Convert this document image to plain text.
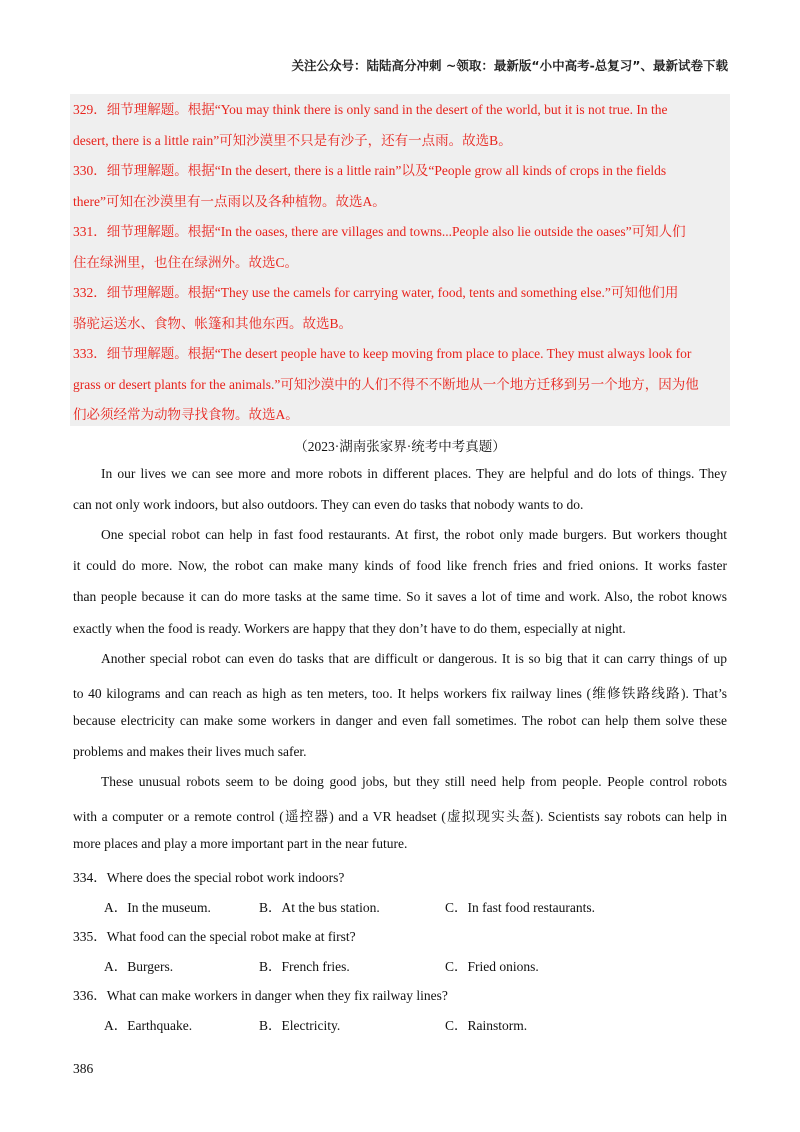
关注公众号：陆陆高分冲刺 ~领取：最新版“小中高考-总复习”、最新试卷下载
329．细节理解题。根据“You may think there is only sand in the desert of the world, but it is not true. In the
desert, there is a little rain”可知沙漠里不只是有沙子，还有一点雨。故选B。
330．细节理解题。根据“In the desert, there is a little rain”以及“People grow all kinds of crops in the fields
there”可知在沙漠里有一点雨以及各种植物。故选A。
331．细节理解题。根据“In the oases, there are villages and towns...People also lie outside the oases”可知人们
住在绿洲里，也住在绿洲外。故选C。
332．细节理解题。根据“They use the camels for carrying water, food, tents and something else.”可知他们用
骆驼运送水、食物、帐篷和其他东西。故选B。
333．细节理解题。根据“The desert people have to keep moving from place to place. They must always look for
grass or desert plants for the animals.”可知沙漠中的人们不得不不断地从一个地方迁移到另一个地方，因为他
们必须经常为动物寻找食物。故选A。
（2023·湖南张家界·统考中考真题）
In our lives we can see more and more robots in different places. They are helpful and do lots of things. They
can not only work indoors, but also outdoors. They can even do tasks that nobody wants to do.
One special robot can help in fast food restaurants. At first, the robot only made burgers. But workers thought
it could do more. Now, the robot can make many kinds of food like french fries and fried onions. It works faster
than people because it can do more tasks at the same time. So it saves a lot of time and work. Also, the robot knows
exactly when the food is ready. Workers are happy that they don’t have to do them, especially at night.
Another special robot can even do tasks that are difficult or dangerous. It is so big that it can carry things of up
to 40 kilograms and can reach as high as ten meters, too. It helps workers fix railway lines (维修铁路线路). That’s
because electricity can make some workers in danger and even fall sometimes. The robot can help them solve these
problems and makes their lives much safer.
These unusual robots seem to be doing good jobs, but they still need help from people. People control robots
with a computer or a remote control (遥控器) and a VR headset (虚拟现实头盔). Scientists say robots can help in
more places and play a more important part in the near future.
334．Where does the special robot work indoors?
A．In the museum.	B．At the bus station.	C．In fast food restaurants.
335．What food can the special robot make at first?
A．Burgers.	B．French fries.	C．Fried onions.
336．What can make workers in danger when they fix railway lines?
A．Earthquake.	B．Electricity.	C．Rainstorm.
386
